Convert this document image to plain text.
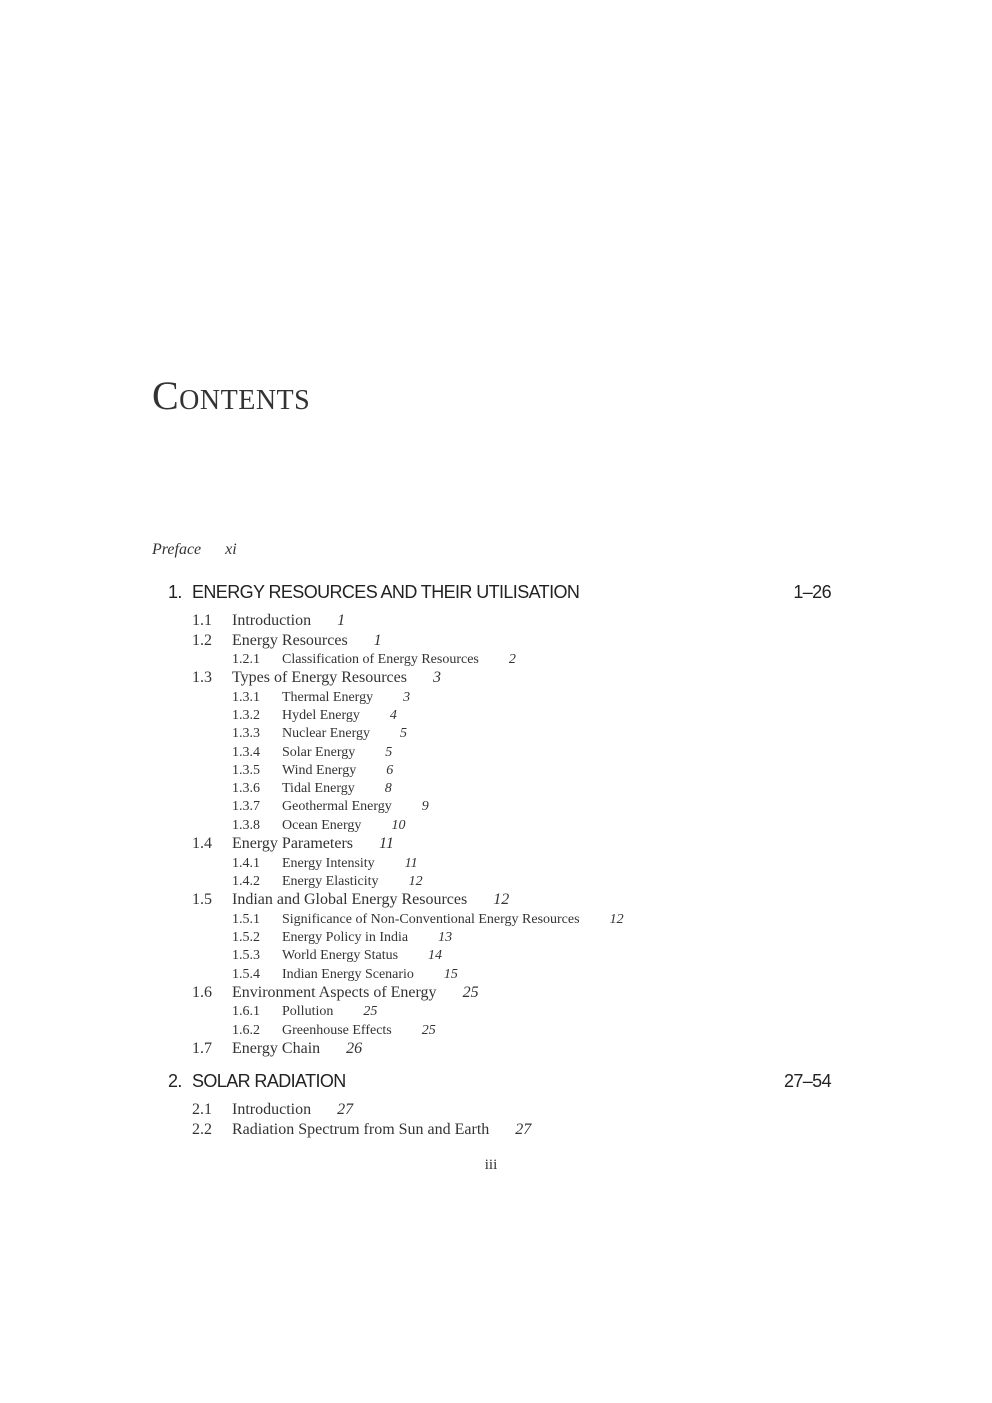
Contents
Preface xi
1. ENERGY RESOURCES AND THEIR UTILISATION	1–26
1.1 Introduction 1
1.2 Energy Resources 1
1.2.1 Classification of Energy Resources 2
1.3 Types of Energy Resources 3
1.3.1 Thermal Energy 3
1.3.2 Hydel Energy 4
1.3.3 Nuclear Energy 5
1.3.4 Solar Energy 5
1.3.5 Wind Energy 6
1.3.6 Tidal Energy 8
1.3.7 Geothermal Energy 9
1.3.8 Ocean Energy 10
1.4 Energy Parameters 11
1.4.1 Energy Intensity 11
1.4.2 Energy Elasticity 12
1.5 Indian and Global Energy Resources 12
1.5.1 Significance of Non-Conventional Energy Resources 12
1.5.2 Energy Policy in India 13
1.5.3 World Energy Status 14
1.5.4 Indian Energy Scenario 15
1.6 Environment Aspects of Energy 25
1.6.1 Pollution 25
1.6.2 Greenhouse Effects 25
1.7 Energy Chain 26
2. SOLAR RADIATION	27–54
2.1 Introduction 27
2.2 Radiation Spectrum from Sun and Earth 27
iii
